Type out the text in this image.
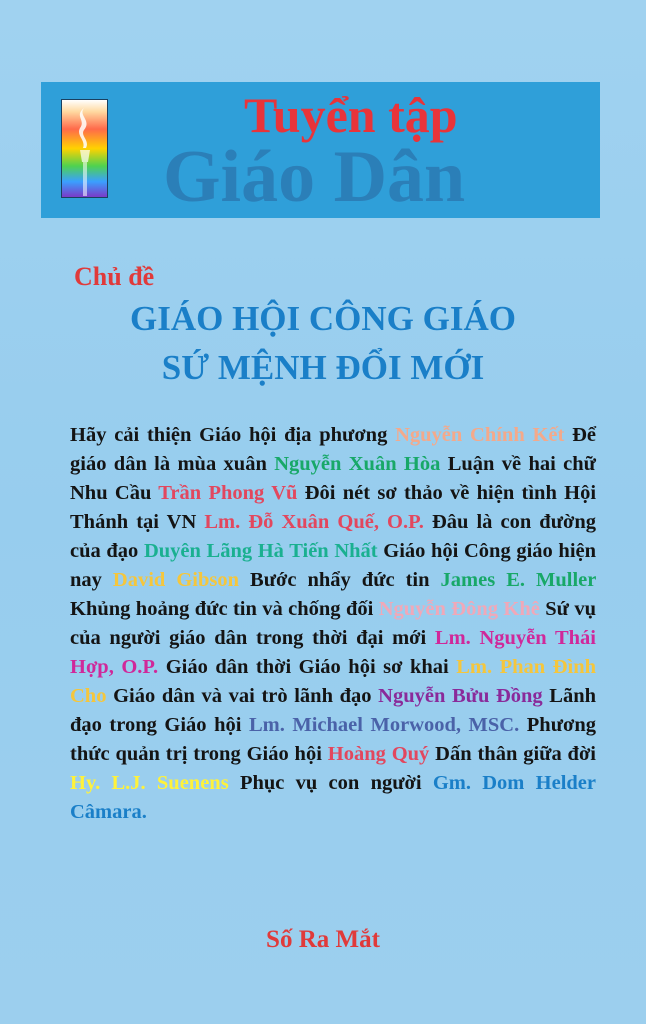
Tuyển tập
Giáo Dân
Chủ đề
GIÁO HỘI CÔNG GIÁO
SỨ MỆNH ĐỔI MỚI
Hãy cải thiện Giáo hội địa phương Nguyễn Chính Kết Để giáo dân là mùa xuân Nguyễn Xuân Hòa Luận về hai chữ Nhu Cầu Trần Phong Vũ Đôi nét sơ thảo về hiện tình Hội Thánh tại VN Lm. Đỗ Xuân Quế, O.P. Đâu là con đường của đạo Duyên Lãng Hà Tiến Nhất Giáo hội Công giáo hiện nay David Gibson Bước nhẩy đức tin James E. Muller Khủng hoảng đức tin và chống đối Nguyễn Đông Khê Sứ vụ của người giáo dân trong thời đại mới Lm. Nguyễn Thái Hợp, O.P. Giáo dân thời Giáo hội sơ khai Lm. Phan Đình Cho Giáo dân và vai trò lãnh đạo Nguyễn Bửu Đồng Lãnh đạo trong Giáo hội Lm. Michael Morwood, MSC. Phương thức quản trị trong Giáo hội Hoàng Quý Dấn thân giữa đời Hy. L.J. Suenens Phục vụ con người Gm. Dom Helder Câmara.
Số Ra Mắt
